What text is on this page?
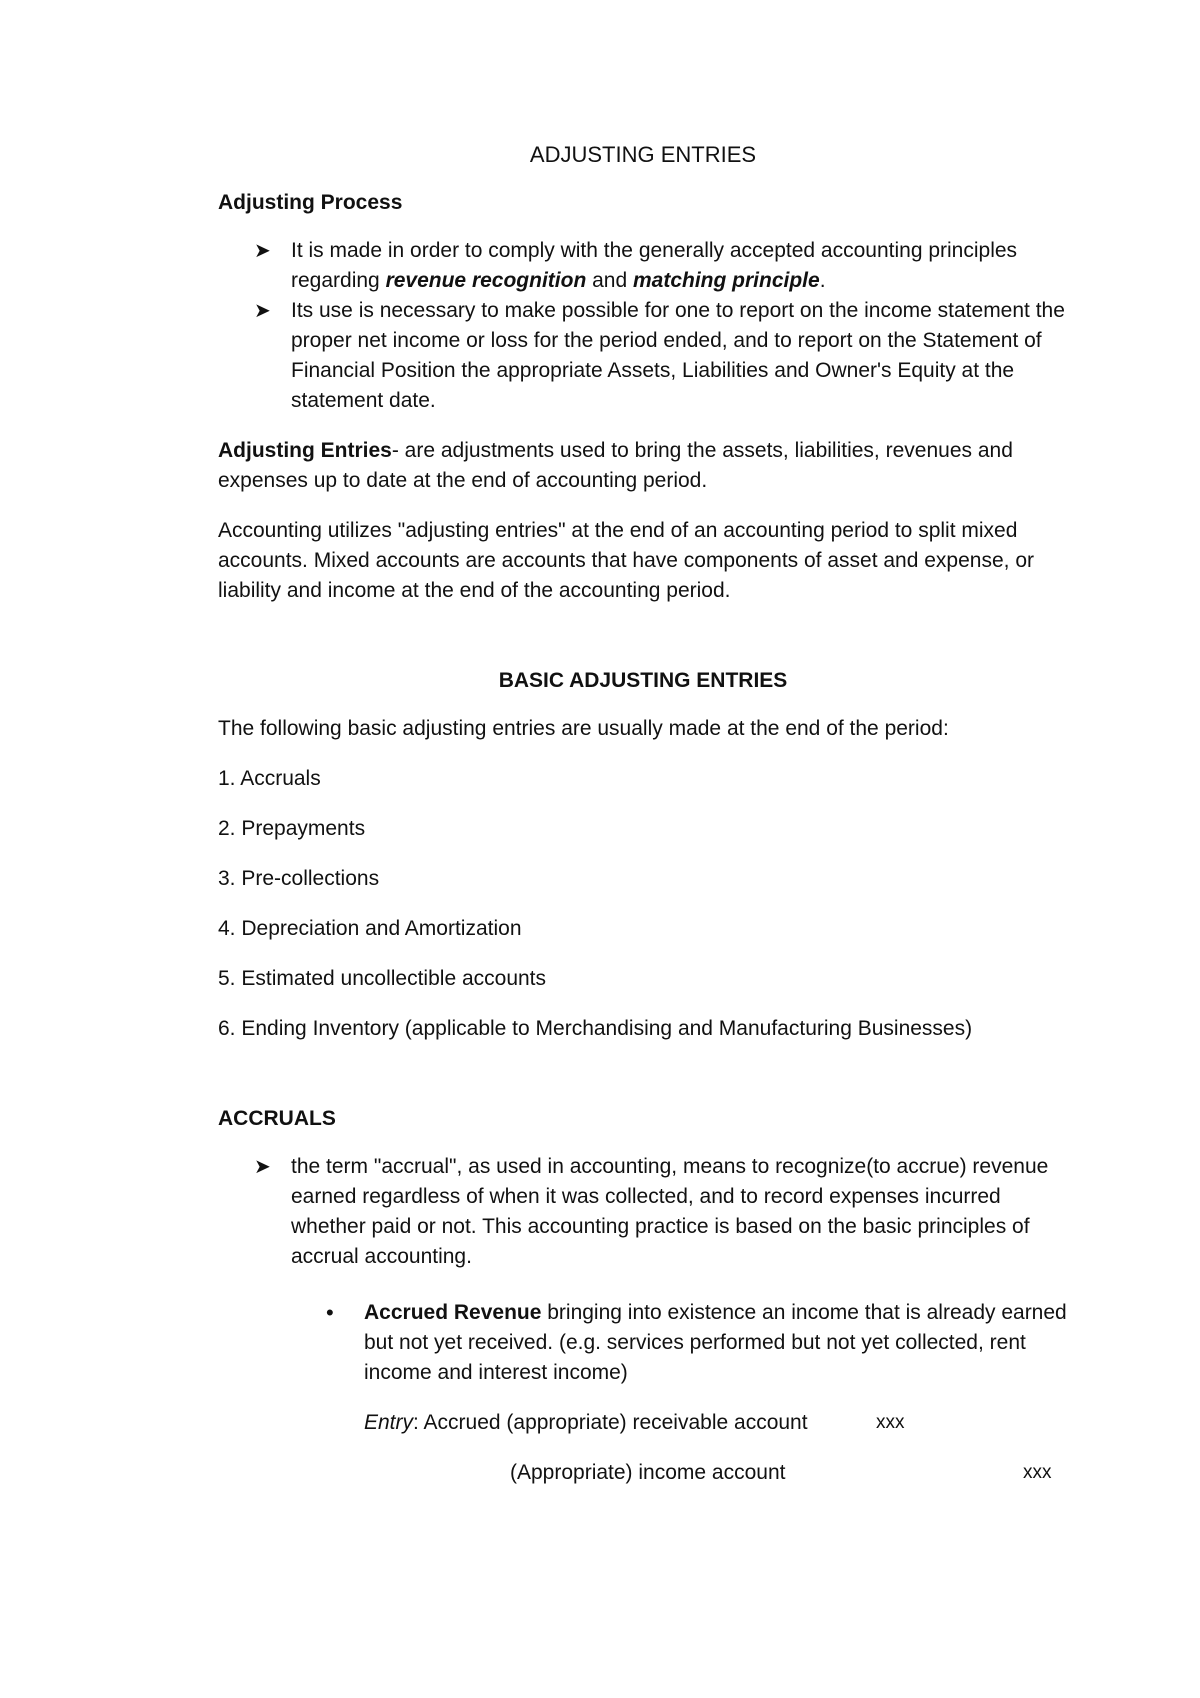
ADJUSTING ENTRIES
Adjusting Process
➤ It is made in order to comply with the generally accepted accounting principles regarding revenue recognition and matching principle.
➤ Its use is necessary to make possible for one to report on the income statement the proper net income or loss for the period ended, and to report on the Statement of Financial Position the appropriate Assets, Liabilities and Owner's Equity at the statement date.

Adjusting Entries- are adjustments used to bring the assets, liabilities, revenues and expenses up to date at the end of accounting period.

Accounting utilizes "adjusting entries" at the end of an accounting period to split mixed accounts. Mixed accounts are accounts that have components of asset and expense, or liability and income at the end of the accounting period.

BASIC ADJUSTING ENTRIES

The following basic adjusting entries are usually made at the end of the period:

1. Accruals

2. Prepayments

3. Pre-collections

4. Depreciation and Amortization

5. Estimated uncollectible accounts

6. Ending Inventory (applicable to Merchandising and Manufacturing Businesses)

ACCRUALS
➤ the term "accrual", as used in accounting, means to recognize(to accrue) revenue earned regardless of when it was collected, and to record expenses incurred whether paid or not. This accounting practice is based on the basic principles of accrual accounting.
• Accrued Revenue bringing into existence an income that is already earned but not yet received. (e.g. services performed but not yet collected, rent income and interest income)
Entry: Accrued (appropriate) receivable account	xxx
(Appropriate) income account	xxx
